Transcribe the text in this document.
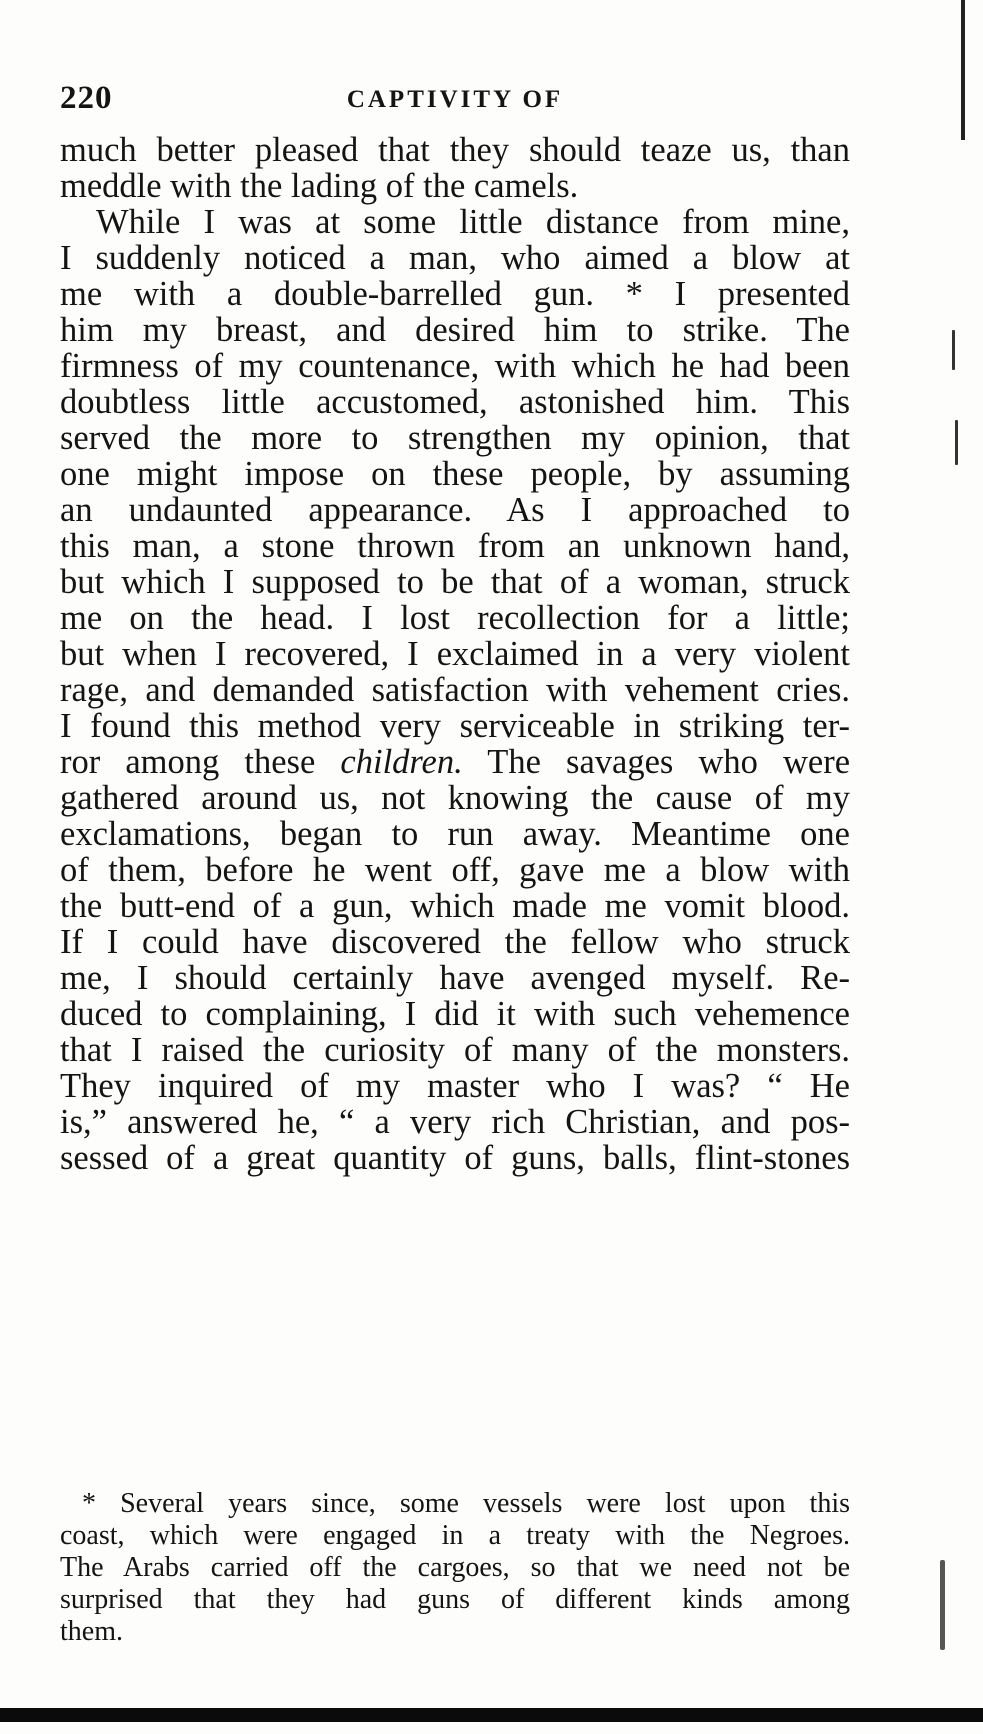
220	CAPTIVITY OF
much better pleased that they should teaze us, than
meddle with the lading of the camels.
While I was at some little distance from mine,
I suddenly noticed a man, who aimed a blow at
me with a double-barrelled gun. * I presented
him my breast, and desired him to strike. The
firmness of my countenance, with which he had been
doubtless little accustomed, astonished him. This
served the more to strengthen my opinion, that
one might impose on these people, by assuming
an undaunted appearance. As I approached to
this man, a stone thrown from an unknown hand,
but which I supposed to be that of a woman, struck
me on the head. I lost recollection for a little;
but when I recovered, I exclaimed in a very violent
rage, and demanded satisfaction with vehement cries.
I found this method very serviceable in striking ter-
ror among these children. The savages who were
gathered around us, not knowing the cause of my
exclamations, began to run away. Meantime one
of them, before he went off, gave me a blow with
the butt-end of a gun, which made me vomit blood.
If I could have discovered the fellow who struck
me, I should certainly have avenged myself. Re-
duced to complaining, I did it with such vehemence
that I raised the curiosity of many of the monsters.
They inquired of my master who I was? “ He
is,” answered he, “ a very rich Christian, and pos-
sessed of a great quantity of guns, balls, flint-stones
* Several years since, some vessels were lost upon this
coast, which were engaged in a treaty with the Negroes.
The Arabs carried off the cargoes, so that we need not be
surprised that they had guns of different kinds among
them.
